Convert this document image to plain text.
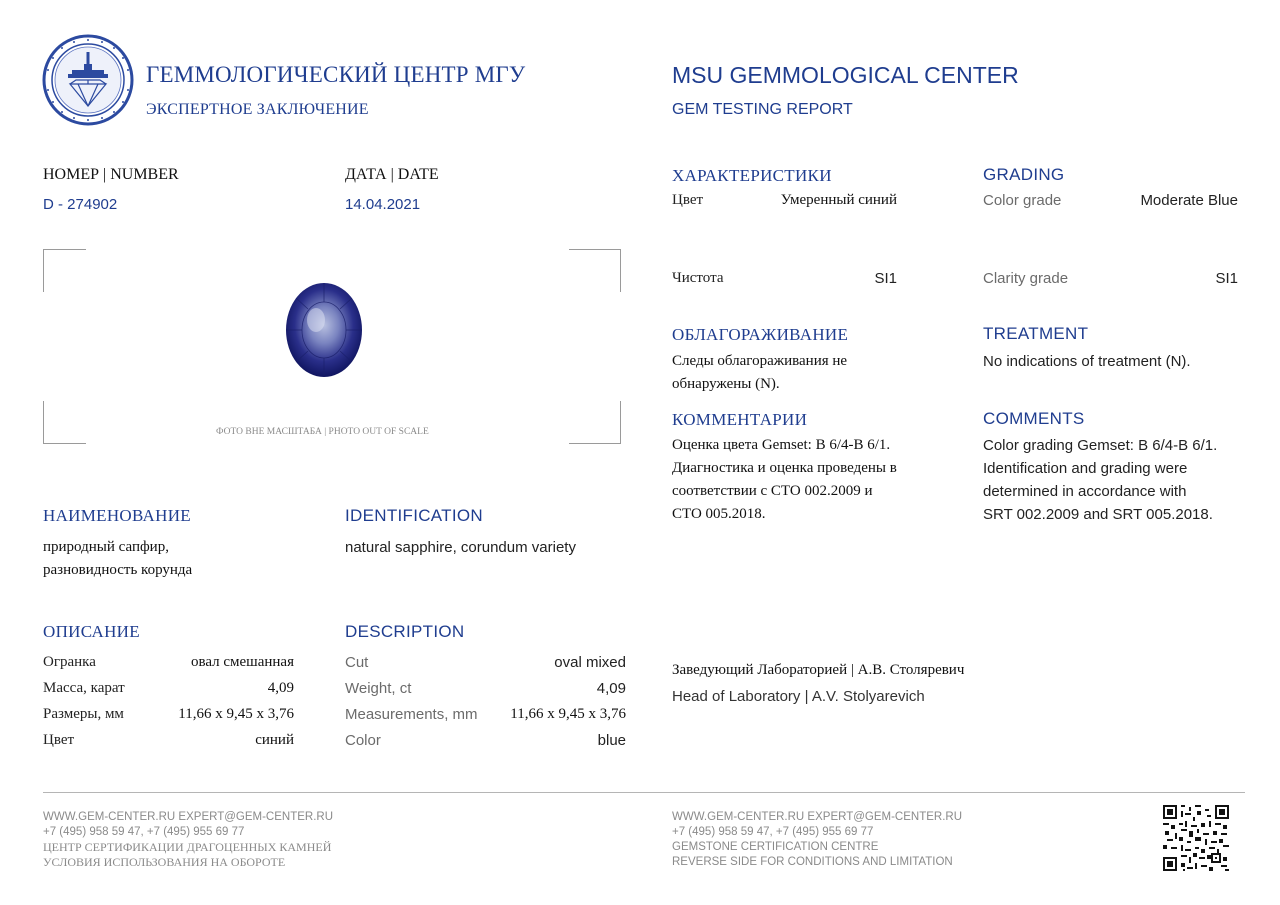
ГЕММОЛОГИЧЕСКИЙ ЦЕНТР МГУ
ЭКСПЕРТНОЕ ЗАКЛЮЧЕНИЕ
MSU GEMMOLOGICAL CENTER
GEM TESTING REPORT
НОМЕР | NUMBER
D - 274902
ДАТА | DATE
14.04.2021
ФОТО ВНЕ МАСШТАБА | PHOTO OUT OF SCALE
НАИМЕНОВАНИЕ
природный сапфир,
разновидность корунда
IDENTIFICATION
natural sapphire, corundum variety
ОПИСАНИЕ	DESCRIPTION
Огранка	овал смешанная
Масса, карат	4,09
Размеры, мм	11,66 x 9,45 x 3,76
Цвет	синий
Cut	oval mixed
Weight, ct	4,09
Measurements, mm	11,66 x 9,45 x 3,76
Color	blue
ХАРАКТЕРИСТИКИ	GRADING
Цвет	Умеренный синий	Color grade	Moderate Blue
Чистота	SI1	Clarity grade	SI1
ОБЛАГОРАЖИВАНИЕ	TREATMENT
Следы облагораживания не
обнаружены (N).
No indications of treatment (N).
КОММЕНТАРИИ	COMMENTS
Оценка цвета Gemset: B 6/4-B 6/1.
Диагностика и оценка проведены в
соответствии с СТО 002.2009 и
СТО 005.2018.
Color grading Gemset: B 6/4-B 6/1.
Identification and grading were
determined in accordance with
SRT 002.2009 and SRT 005.2018.
Заведующий Лабораторией | А.В. Столяревич
Head of Laboratory | A.V. Stolyarevich
WWW.GEM-CENTER.RU EXPERT@GEM-CENTER.RU
+7 (495) 958 59 47, +7 (495) 955 69 77
ЦЕНТР СЕРТИФИКАЦИИ ДРАГОЦЕННЫХ КАМНЕЙ
УСЛОВИЯ ИСПОЛЬЗОВАНИЯ НА ОБОРОТЕ
WWW.GEM-CENTER.RU EXPERT@GEM-CENTER.RU
+7 (495) 958 59 47, +7 (495) 955 69 77
GEMSTONE CERTIFICATION CENTRE
REVERSE SIDE FOR CONDITIONS AND LIMITATION
